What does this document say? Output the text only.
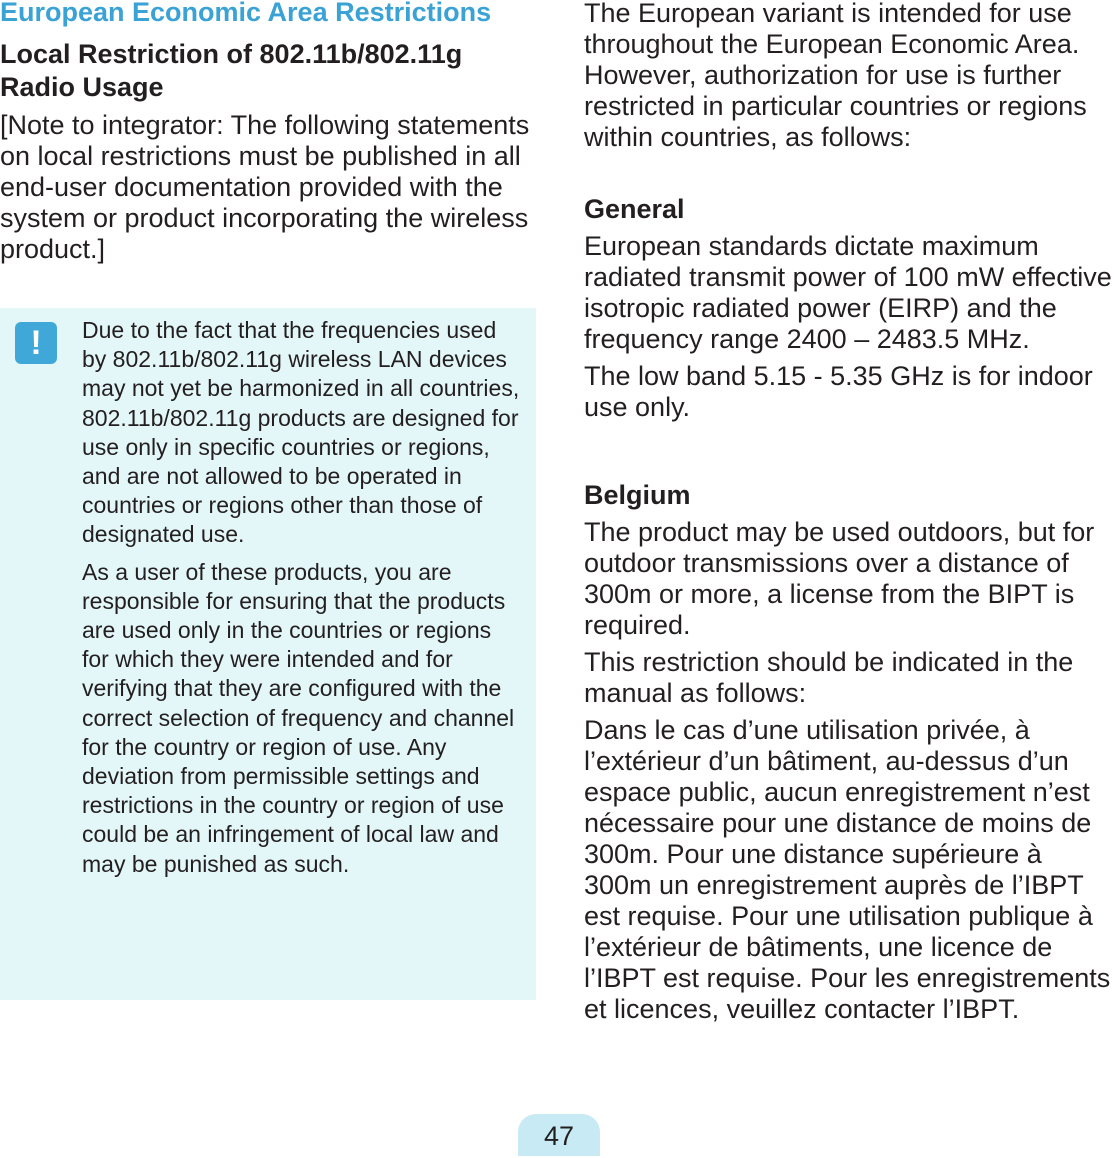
European Economic Area Restrictions
Local Restriction of 802.11b/802.11g Radio Usage

[Note to integrator: The following statements on local restrictions must be published in all end-user documentation provided with the system or product incorporating the wireless product.]

!	Due to the fact that the frequencies used by 802.11b/802.11g wireless LAN devices may not yet be harmonized in all countries, 802.11b/802.11g products are designed for use only in specific countries or regions, and are not allowed to be operated in countries or regions other than those of designated use.

As a user of these products, you are responsible for ensuring that the products are used only in the countries or regions for which they were intended and for verifying that they are configured with the correct selection of frequency and channel for the country or region of use. Any deviation from permissible settings and restrictions in the country or region of use could be an infringement of local law and may be punished as such.

The European variant is intended for use throughout the European Economic Area. However, authorization for use is further restricted in particular countries or regions within countries, as follows:

General

European standards dictate maximum radiated transmit power of 100 mW effective isotropic radiated power (EIRP) and the frequency range 2400 – 2483.5 MHz.

The low band 5.15 - 5.35 GHz is for indoor use only.

Belgium

The product may be used outdoors, but for outdoor transmissions over a distance of 300m or more, a license from the BIPT is required.

This restriction should be indicated in the manual as follows:

Dans le cas d’une utilisation privée, à l’extérieur d’un bâtiment, au-dessus d’un espace public, aucun enregistrement n’est nécessaire pour une distance de moins de 300m. Pour une distance supérieure à 300m un enregistrement auprès de l’IBPT est requise. Pour une utilisation publique à l’extérieur de bâtiments, une licence de l’IBPT est requise. Pour les enregistrements et licences, veuillez contacter l’IBPT.

47
